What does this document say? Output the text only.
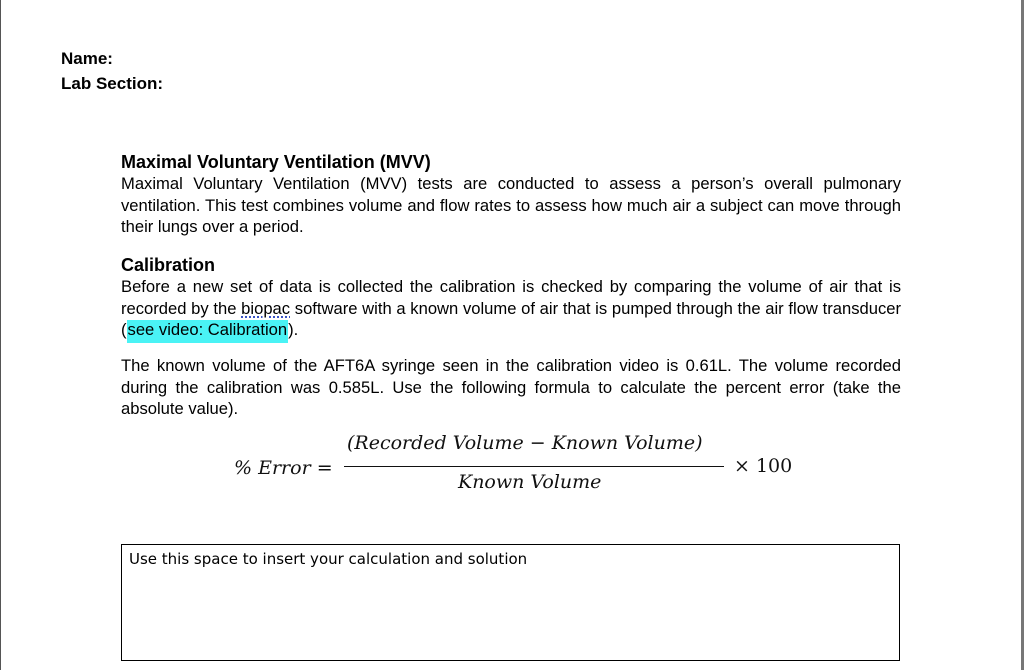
Name:
Lab Section:
Maximal Voluntary Ventilation (MVV)

Maximal Voluntary Ventilation (MVV) tests are conducted to assess a person’s overall pulmonary ventilation. This test combines volume and flow rates to assess how much air a subject can move through their lungs over a period.

Calibration

Before a new set of data is collected the calibration is checked by comparing the volume of air that is recorded by the biopac software with a known volume of air that is pumped through the air flow transducer (see video: Calibration).

The known volume of the AFT6A syringe seen in the calibration video is 0.61L. The volume recorded during the calibration was 0.585L. Use the following formula to calculate the percent error (take the absolute value).

% Error =
(Recorded Volume − Known Volume)
Known Volume
× 100
Use this space to insert your calculation and solution
